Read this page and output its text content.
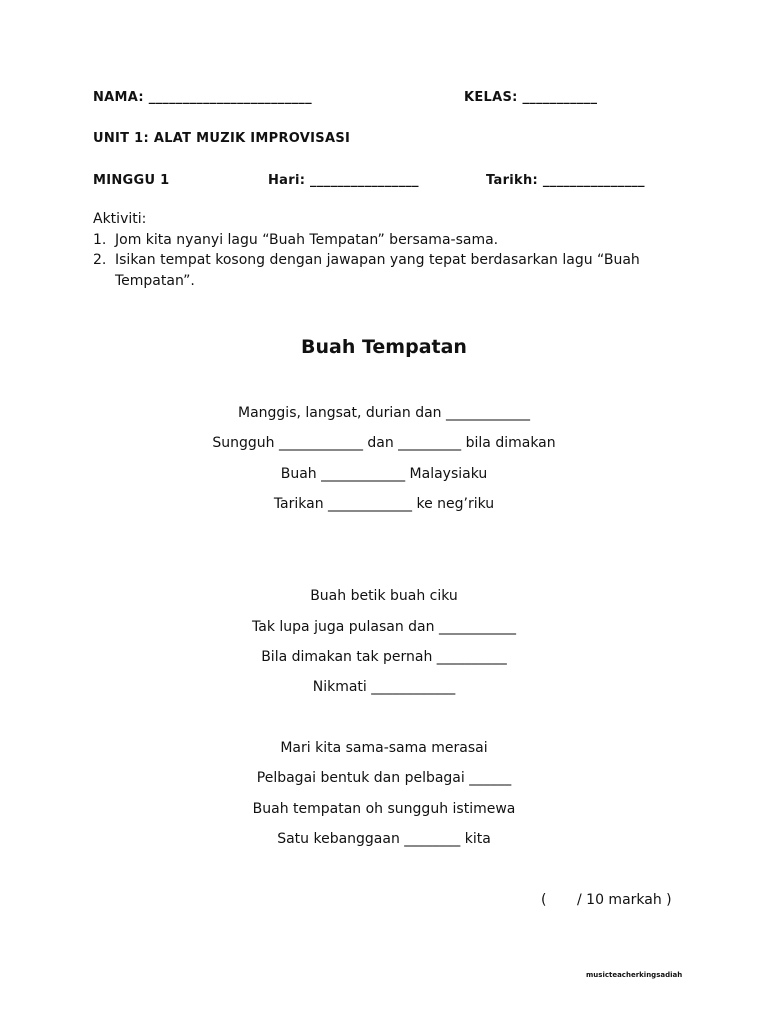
NAMA: ________________________	KELAS: ___________
UNIT 1: ALAT MUZIK IMPROVISASI
MINGGU 1	Hari: ________________	Tarikh: _______________
Aktiviti:
1. Jom kita nyanyi lagu “Buah Tempatan” bersama-sama.
2. Isikan tempat kosong dengan jawapan yang tepat berdasarkan lagu “Buah
Tempatan”.
Buah Tempatan
Manggis, langsat, durian dan ____________
Sungguh ____________ dan _________ bila dimakan
Buah ____________ Malaysiaku
Tarikan ____________ ke neg’riku
Buah betik buah ciku
Tak lupa juga pulasan dan ___________
Bila dimakan tak pernah __________
Nikmati ____________
Mari kita sama-sama merasai
Pelbagai bentuk dan pelbagai ______
Buah tempatan oh sungguh istimewa
Satu kebanggaan ________ kita
( / 10 markah )
musicteacherkingsadiah
